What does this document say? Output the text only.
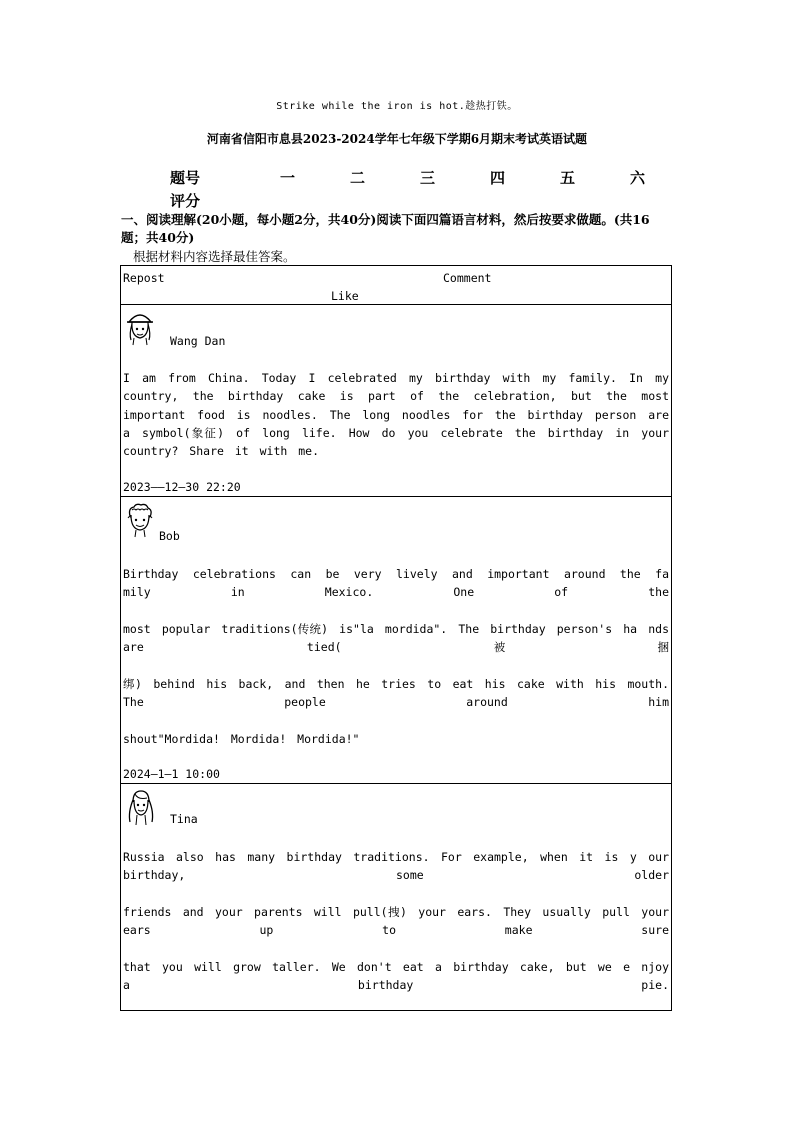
Strike while the iron is hot.趁热打铁。
河南省信阳市息县2023-2024学年七年级下学期6月期末考试英语试题
题号	一	二	三	四	五	六
评分
一、阅读理解(20小题，每小题2分，共40分)阅读下面四篇语言材料，然后按要求做题。(共16题；共40分)
根据材料内容选择最佳答案。
Repost	Comment
Like
Wang Dan
I am from China. Today I celebrated my birthday with my family. In my country, the birthday cake is part of the celebration, but the most important food is noodles. The long noodles for the birthday person are a symbol(象征) of long life. How do you celebrate the birthday in your country? Share it with me.
2023——12—30 22:20
Bob
Birthday celebrations can be very lively and important around the fa mily in Mexico. One of the
most popular traditions(传统) is"la mordida". The birthday person's ha nds are tied(被捆
绑) behind his back, and then he tries to eat his cake with his mouth. The people around him
shout"Mordida! Mordida! Mordida!"
2024—1—1 10:00
Tina
Russia also has many birthday traditions. For example, when it is y our birthday, some older
friends and your parents will pull(拽) your ears. They usually pull your ears up to make sure
that you will grow taller. We don't eat a birthday cake, but we e njoy a birthday pie.
